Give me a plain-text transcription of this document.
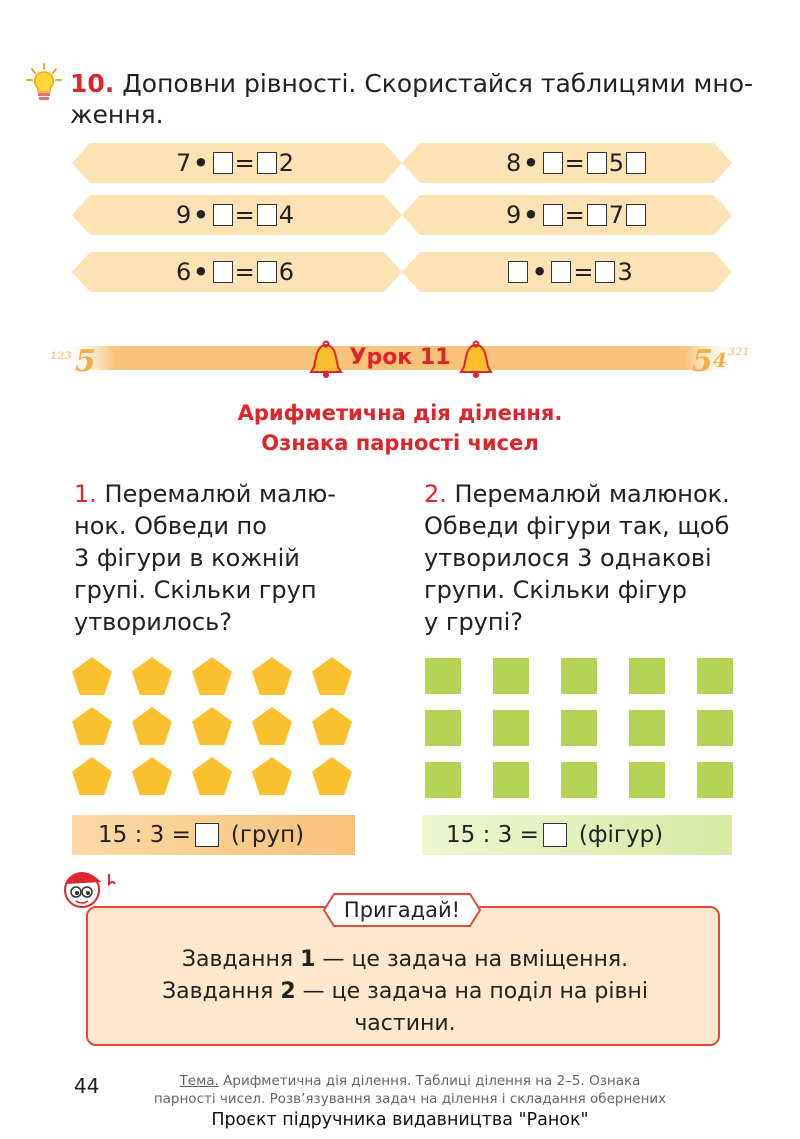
10. Доповни рівності. Скористайся таблицями мно-
ження.
7 • = 2	8 • = 5
9 • = 4	9 • = 7
6 • = 6	• = 3
¹²³ 5	5 4 ³²¹
Урок 11
Арифметична дія ділення.
Ознака парності чисел
1. Перемалюй малю-
нок. Обведи по
3 фігури в кожній
групі. Скільки груп
утворилось?
2. Перемалюй малюнок.
Обведи фігури так, щоб
утворилося 3 однакові
групи. Скільки фігур
у групі?
15 : 3 = (груп)	15 : 3 = (фігур)
Пригадай!
Завдання 1 — це задача на вміщення.
Завдання 2 — це задача на поділ на рівні
частини.
44	Тема. Арифметична дія ділення. Таблиці ділення на 2–5. Ознака
парності чисел. Розв’язування задач на ділення і складання обернених
Проєкт підручника видавництва "Ранок"
